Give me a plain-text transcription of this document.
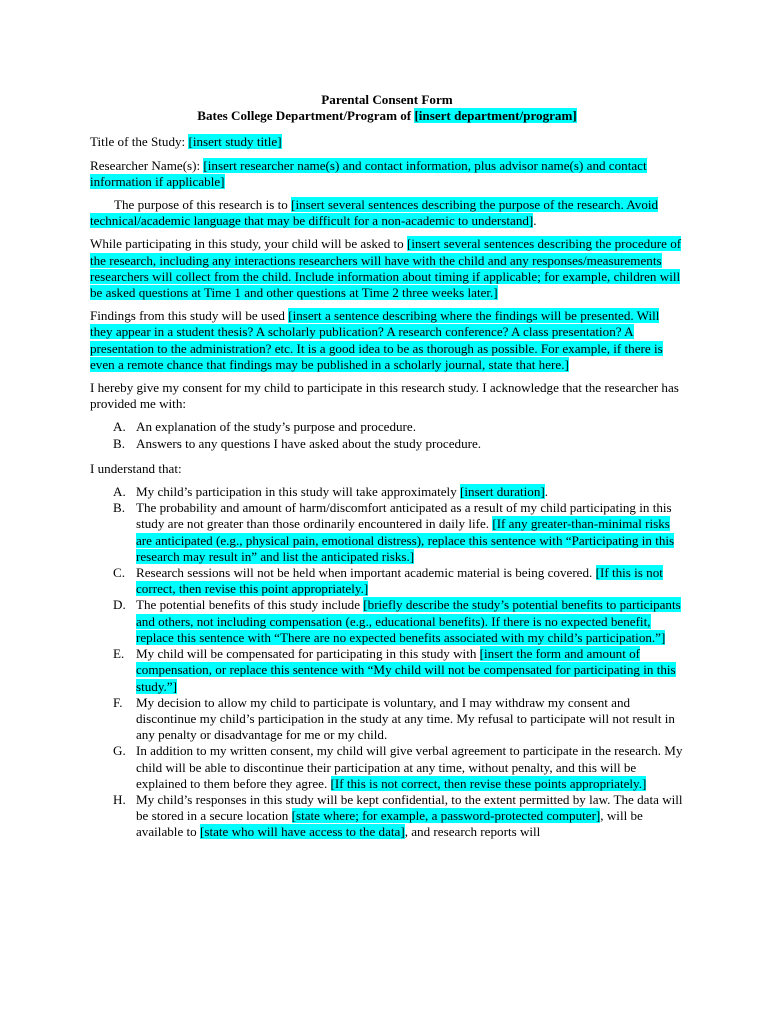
Parental Consent Form

Bates College Department/Program of [insert department/program]

Title of the Study: [insert study title]

Researcher Name(s): [insert researcher name(s) and contact information, plus advisor name(s) and contact information if applicable]

The purpose of this research is to [insert several sentences describing the purpose of the research. Avoid technical/academic language that may be difficult for a non-academic to understand].

While participating in this study, your child will be asked to [insert several sentences describing the procedure of the research, including any interactions researchers will have with the child and any responses/measurements researchers will collect from the child. Include information about timing if applicable; for example, children will be asked questions at Time 1 and other questions at Time 2 three weeks later.]

Findings from this study will be used [insert a sentence describing where the findings will be presented. Will they appear in a student thesis? A scholarly publication? A research conference? A class presentation? A presentation to the administration? etc. It is a good idea to be as thorough as possible. For example, if there is even a remote chance that findings may be published in a scholarly journal, state that here.]

I hereby give my consent for my child to participate in this research study. I acknowledge that the researcher has provided me with:

A. An explanation of the study’s purpose and procedure.
B. Answers to any questions I have asked about the study procedure.

I understand that:

A. My child’s participation in this study will take approximately [insert duration].
B. The probability and amount of harm/discomfort anticipated as a result of my child participating in this study are not greater than those ordinarily encountered in daily life. [If any greater-than-minimal risks are anticipated (e.g., physical pain, emotional distress), replace this sentence with “Participating in this research may result in” and list the anticipated risks.]
C. Research sessions will not be held when important academic material is being covered. [If this is not correct, then revise this point appropriately.]
D. The potential benefits of this study include [briefly describe the study’s potential benefits to participants and others, not including compensation (e.g., educational benefits). If there is no expected benefit, replace this sentence with “There are no expected benefits associated with my child’s participation.”]
E. My child will be compensated for participating in this study with [insert the form and amount of compensation, or replace this sentence with “My child will not be compensated for participating in this study.”]
F.	My decision to allow my child to participate is voluntary, and I may withdraw my consent and discontinue my child’s participation in the study at any time. My refusal to participate will not result in any penalty or disadvantage for me or my child.
G. In addition to my written consent, my child will give verbal agreement to participate in the research. My child will be able to discontinue their participation at any time, without penalty, and this will be explained to them before they agree. [If this is not correct, then revise these points appropriately.]
H. My child’s responses in this study will be kept confidential, to the extent permitted by law. The data will be stored in a secure location [state where; for example, a password-protected computer], will be available to [state who will have access to the data], and research reports will
